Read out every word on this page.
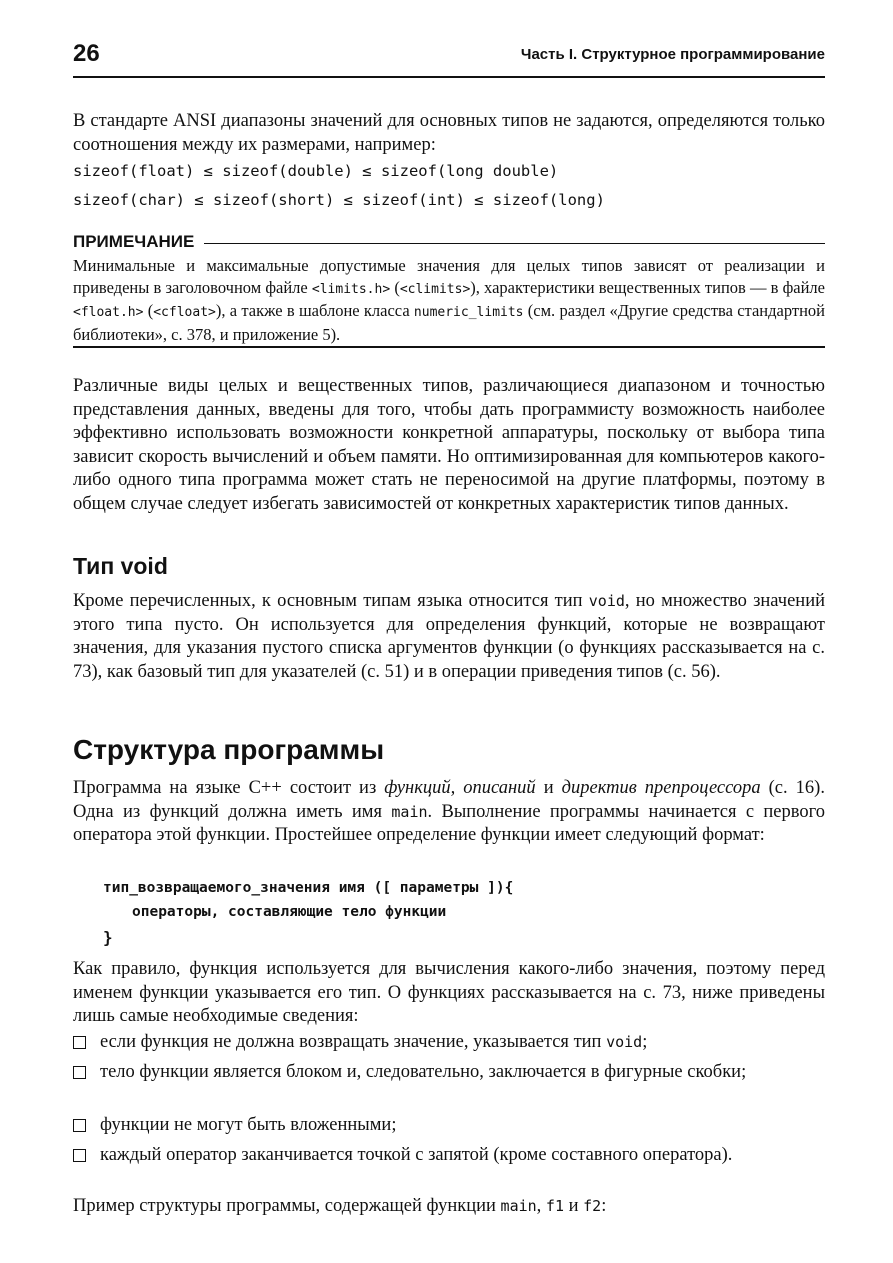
26	Часть I. Структурное программирование

В стандарте ANSI диапазоны значений для основных типов не задаются, определяются только соотношения между их размерами, например:

sizeof(float) ≤ sizeof(double) ≤ sizeof(long double)
sizeof(char) ≤ sizeof(short) ≤ sizeof(int) ≤ sizeof(long)
ПРИМЕЧАНИЕ

Минимальные и максимальные допустимые значения для целых типов зависят от реализации и приведены в заголовочном файле <limits.h> (<climits>), характеристики вещественных типов — в файле <float.h> (<cfloat>), а также в шаблоне класса numeric_limits (см. раздел «Другие средства стандартной библиотеки», с. 378, и приложение 5).

Различные виды целых и вещественных типов, различающиеся диапазоном и точностью представления данных, введены для того, чтобы дать программисту возможность наиболее эффективно использовать возможности конкретной аппаратуры, поскольку от выбора типа зависит скорость вычислений и объем памяти. Но оптимизированная для компьютеров какого-либо одного типа программа может стать не переносимой на другие платформы, поэтому в общем случае следует избегать зависимостей от конкретных характеристик типов данных.

Тип void

Кроме перечисленных, к основным типам языка относится тип void, но множество значений этого типа пусто. Он используется для определения функций, которые не возвращают значения, для указания пустого списка аргументов функции (о функциях рассказывается на с. 73), как базовый тип для указателей (с. 51) и в операции приведения типов (с. 56).

Структура программы

Программа на языке C++ состоит из функций, описаний и директив препроцессора (с. 16). Одна из функций должна иметь имя main. Выполнение программы начинается с первого оператора этой функции. Простейшее определение функции имеет следующий формат:

тип_возвращаемого_значения имя ([ параметры ]){
операторы, составляющие тело функции
}

Как правило, функция используется для вычисления какого-либо значения, поэтому перед именем функции указывается его тип. О функциях рассказывается на с. 73, ниже приведены лишь самые необходимые сведения:

если функция не должна возвращать значение, указывается тип void;

тело функции является блоком и, следовательно, заключается в фигурные скобки;

функции не могут быть вложенными;

каждый оператор заканчивается точкой с запятой (кроме составного оператора).

Пример структуры программы, содержащей функции main, f1 и f2:
